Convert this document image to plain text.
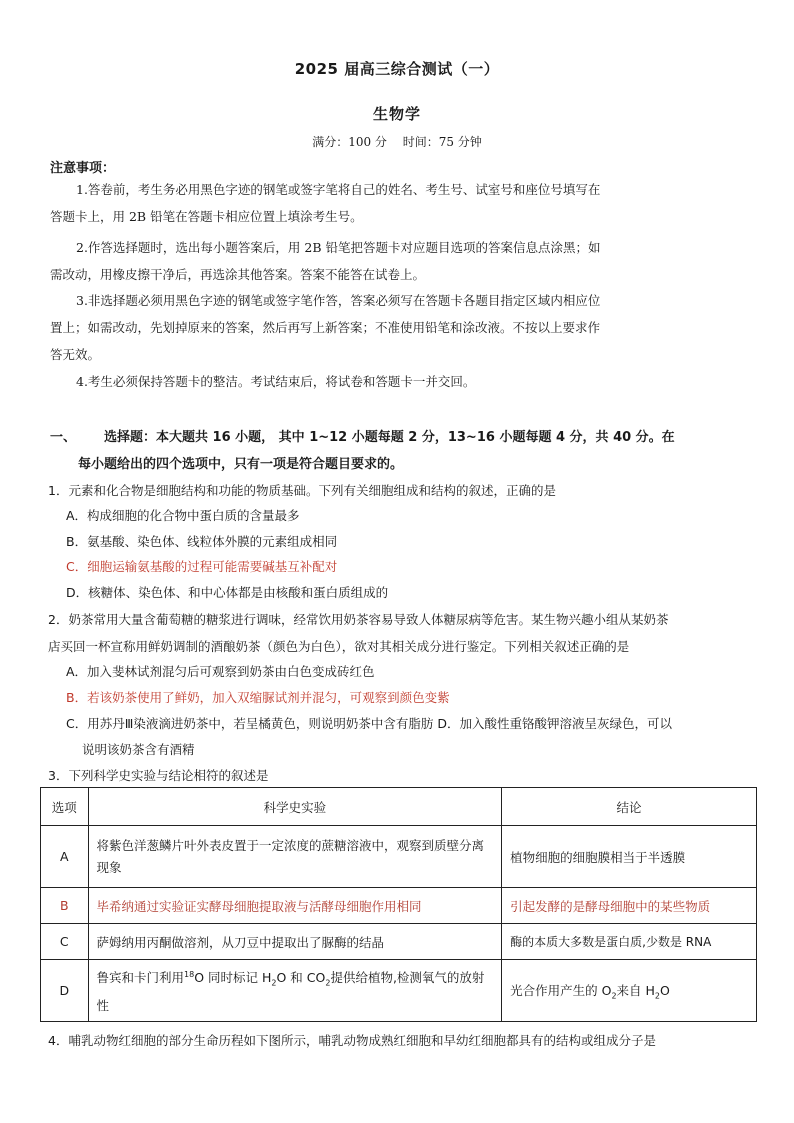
2025 届高三综合测试（一）
生物学
满分：100 分　 时间：75 分钟
注意事项：
1.答卷前，考生务必用黑色字迹的钢笔或签字笔将自己的姓名、考生号、试室号和座位号填写在
答题卡上，用 2B 铅笔在答题卡相应位置上填涂考生号。
2.作答选择题时，选出每小题答案后，用 2B 铅笔把答题卡对应题目选项的答案信息点涂黑；如
需改动，用橡皮擦干净后，再选涂其他答案。答案不能答在试卷上。
3.非选择题必须用黑色字迹的钢笔或签字笔作答，答案必须写在答题卡各题目指定区域内相应位
置上；如需改动，先划掉原来的答案，然后再写上新答案；不准使用铅笔和涂改液。不按以上要求作
答无效。
4.考生必须保持答题卡的整洁。考试结束后，将试卷和答题卡一并交回。
一、 选择题：本大题共 16 小题， 其中 1~12 小题每题 2 分，13~16 小题每题 4 分，共 40 分。在
每小题给出的四个选项中，只有一项是符合题目要求的。
1．元素和化合物是细胞结构和功能的物质基础。下列有关细胞组成和结构的叙述，正确的是
A．构成细胞的化合物中蛋白质的含量最多
B．氨基酸、染色体、线粒体外膜的元素组成相同
C．细胞运输氨基酸的过程可能需要碱基互补配对
D．核糖体、染色体、和中心体都是由核酸和蛋白质组成的
2．奶茶常用大量含葡萄糖的糖浆进行调味，经常饮用奶茶容易导致人体糖尿病等危害。某生物兴趣小组从某奶茶
店买回一杯宣称用鲜奶调制的酒酿奶茶（颜色为白色），欲对其相关成分进行鉴定。下列相关叙述正确的是
A．加入斐林试剂混匀后可观察到奶茶由白色变成砖红色
B．若该奶茶使用了鲜奶，加入双缩脲试剂并混匀，可观察到颜色变紫
C．用苏丹Ⅲ染液滴进奶茶中，若呈橘黄色，则说明奶茶中含有脂肪 D．加入酸性重铬酸钾溶液呈灰绿色，可以
说明该奶茶含有酒精
3．下列科学史实验与结论相符的叙述是
选项	科学史实验	结论
A	将紫色洋葱鳞片叶外表皮置于一定浓度的蔗糖溶液中，观察到质壁分离现象	植物细胞的细胞膜相当于半透膜
B	毕希纳通过实验证实酵母细胞提取液与活酵母细胞作用相同	引起发酵的是酵母细胞中的某些物质
C	萨姆纳用丙酮做溶剂，从刀豆中提取出了脲酶的结晶	酶的本质大多数是蛋白质,少数是 RNA
D	鲁宾和卡门利用$^{18}$O 同时标记 $H_2O$ 和 $CO_2$提供给植物,检测氧气的放射性	光合作用产生的 $O_2$来自 $H_2O$
4．哺乳动物红细胞的部分生命历程如下图所示，哺乳动物成熟红细胞和早幼红细胞都具有的结构或组成分子是
